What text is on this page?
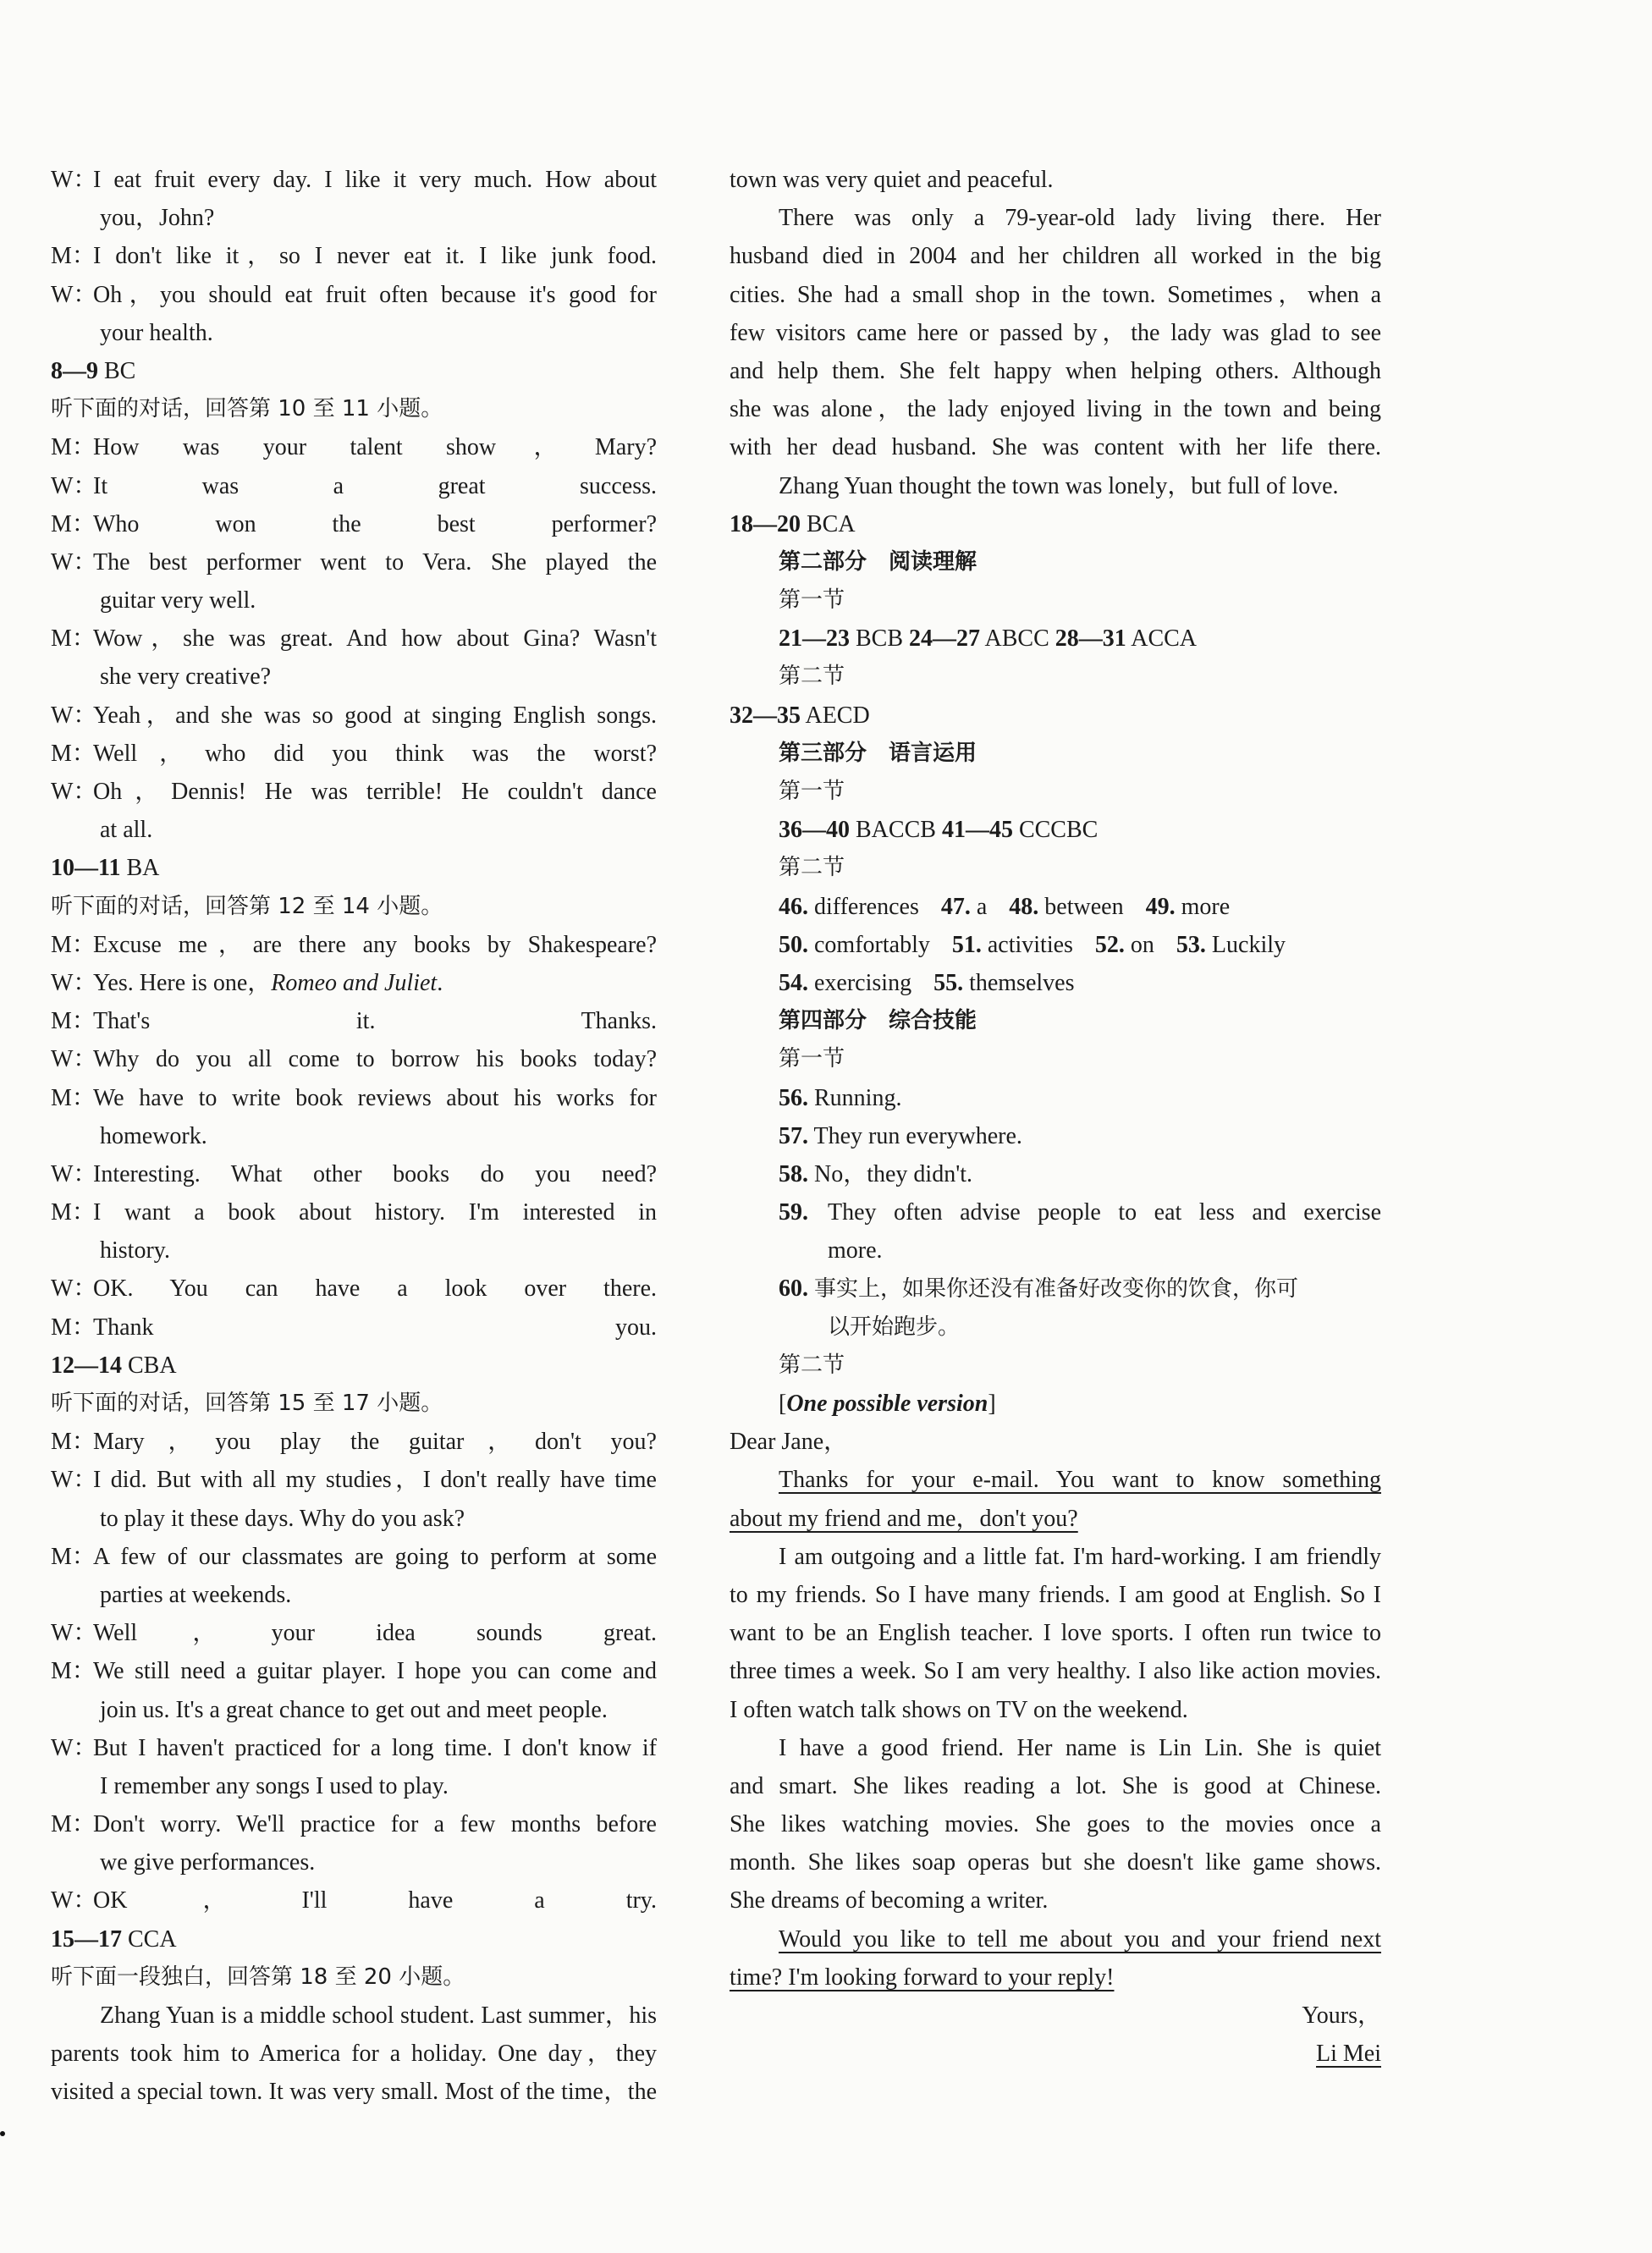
W：
I eat fruit every day. I like it very much. How about
you，John?
M：
I don't like it，so I never eat it. I like junk food.
W：
Oh，you should eat fruit often because it's good for
your health.
8—9 BC
听下面的对话，回答第 10 至 11 小题。
M：
How was your talent show，Mary?
W：
It was a great success.
M：
Who won the best performer?
W：
The best performer went to Vera. She played the
guitar very well.
M：
Wow，she was great. And how about Gina? Wasn't
she very creative?
W：
Yeah，and she was so good at singing English songs.
M：
Well，who did you think was the worst?
W：
Oh，Dennis! He was terrible! He couldn't dance
at all.
10—11 BA
听下面的对话，回答第 12 至 14 小题。
M：
Excuse me，are there any books by Shakespeare?
W：
Yes. Here is one，Romeo and Juliet.
M：
That's it. Thanks.
W：
Why do you all come to borrow his books today?
M：
We have to write book reviews about his works for
homework.
W：
Interesting. What other books do you need?
M：
I want a book about history. I'm interested in
history.
W：
OK. You can have a look over there.
M：
Thank you.
12—14 CBA
听下面的对话，回答第 15 至 17 小题。
M：
Mary，you play the guitar，don't you?
W：
I did. But with all my studies，I don't really have time
to play it these days. Why do you ask?
M：
A few of our classmates are going to perform at some
parties at weekends.
W：
Well，your idea sounds great.
M：
We still need a guitar player. I hope you can come and
join us. It's a great chance to get out and meet people.
W：
But I haven't practiced for a long time. I don't know if
I remember any songs I used to play.
M：
Don't worry. We'll practice for a few months before
we give performances.
W：
OK，I'll have a try.
15—17 CCA
听下面一段独白，回答第 18 至 20 小题。
Zhang Yuan is a middle school student. Last summer，his
parents took him to America for a holiday. One day，they
visited a special town. It was very small. Most of the time，the
town was very quiet and peaceful.
There was only a 79-year-old lady living there. Her
husband died in 2004 and her children all worked in the big
cities. She had a small shop in the town. Sometimes，when a
few visitors came here or passed by，the lady was glad to see
and help them. She felt happy when helping others. Although
she was alone，the lady enjoyed living in the town and being
with her dead husband. She was content with her life there.
Zhang Yuan thought the town was lonely，but full of love.
18—20 BCA
第二部分　阅读理解
第一节
21—23 BCB 24—27 ABCC 28—31 ACCA
第二节
32—35 AECD
第三部分　语言运用
第一节
36—40 BACCB 41—45 CCCBC
第二节
46. differences 47. a 48. between 49. more
50. comfortably 51. activities 52. on 53. Luckily
54. exercising 55. themselves
第四部分　综合技能
第一节
56. Running.
57. They run everywhere.
58. No，they didn't.
59. They often advise people to eat less and exercise
more.
60. 事实上，如果你还没有准备好改变你的饮食，你可
以开始跑步。
第二节
[One possible version]
Dear Jane，
Thanks for your e-mail. You want to know something
about my friend and me，don't you?
I am outgoing and a little fat. I'm hard-working. I am friendly
to my friends. So I have many friends. I am good at English. So I
want to be an English teacher. I love sports. I often run twice to
three times a week. So I am very healthy. I also like action movies.
I often watch talk shows on TV on the weekend.
I have a good friend. Her name is Lin Lin. She is quiet
and smart. She likes reading a lot. She is good at Chinese.
She likes watching movies. She goes to the movies once a
month. She likes soap operas but she doesn't like game shows.
She dreams of becoming a writer.
Would you like to tell me about you and your friend next
time? I'm looking forward to your reply!
Yours，
Li Mei
